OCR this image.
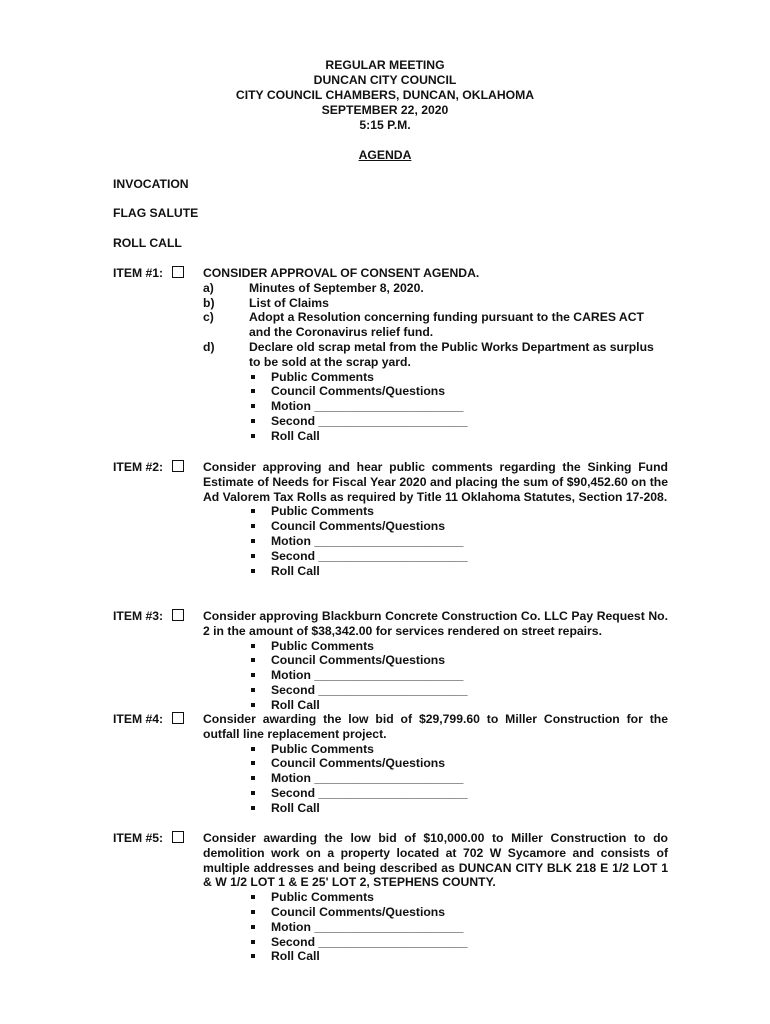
REGULAR MEETING
DUNCAN CITY COUNCIL
CITY COUNCIL CHAMBERS, DUNCAN, OKLAHOMA
SEPTEMBER 22, 2020
5:15 P.M.
AGENDA
INVOCATION
FLAG SALUTE
ROLL CALL
ITEM #1:	CONSIDER APPROVAL OF CONSENT AGENDA.
a)	Minutes of September 8, 2020.
b)	List of Claims
c)	Adopt a Resolution concerning funding pursuant to the CARES ACT and the Coronavirus relief fund.
d)	Declare old scrap metal from the Public Works Department as surplus to be sold at the scrap yard.
Public Comments
Council Comments/Questions
Motion ______________________
Second ______________________
Roll Call
ITEM #2:	Consider approving and hear public comments regarding the Sinking Fund Estimate of Needs for Fiscal Year 2020 and placing the sum of $90,452.60 on the Ad Valorem Tax Rolls as required by Title 11 Oklahoma Statutes, Section 17-208.
Public Comments
Council Comments/Questions
Motion ______________________
Second ______________________
Roll Call
ITEM #3:	Consider approving Blackburn Concrete Construction Co. LLC Pay Request No. 2 in the amount of $38,342.00 for services rendered on street repairs.
Public Comments
Council Comments/Questions
Motion ______________________
Second ______________________
Roll Call
ITEM #4:	Consider awarding the low bid of $29,799.60 to Miller Construction for the outfall line replacement project.
Public Comments
Council Comments/Questions
Motion ______________________
Second ______________________
Roll Call
ITEM #5:	Consider awarding the low bid of $10,000.00 to Miller Construction to do demolition work on a property located at 702 W Sycamore and consists of multiple addresses and being described as DUNCAN CITY BLK 218 E 1/2 LOT 1 & W 1/2 LOT 1 & E 25' LOT 2, STEPHENS COUNTY.
Public Comments
Council Comments/Questions
Motion ______________________
Second ______________________
Roll Call
